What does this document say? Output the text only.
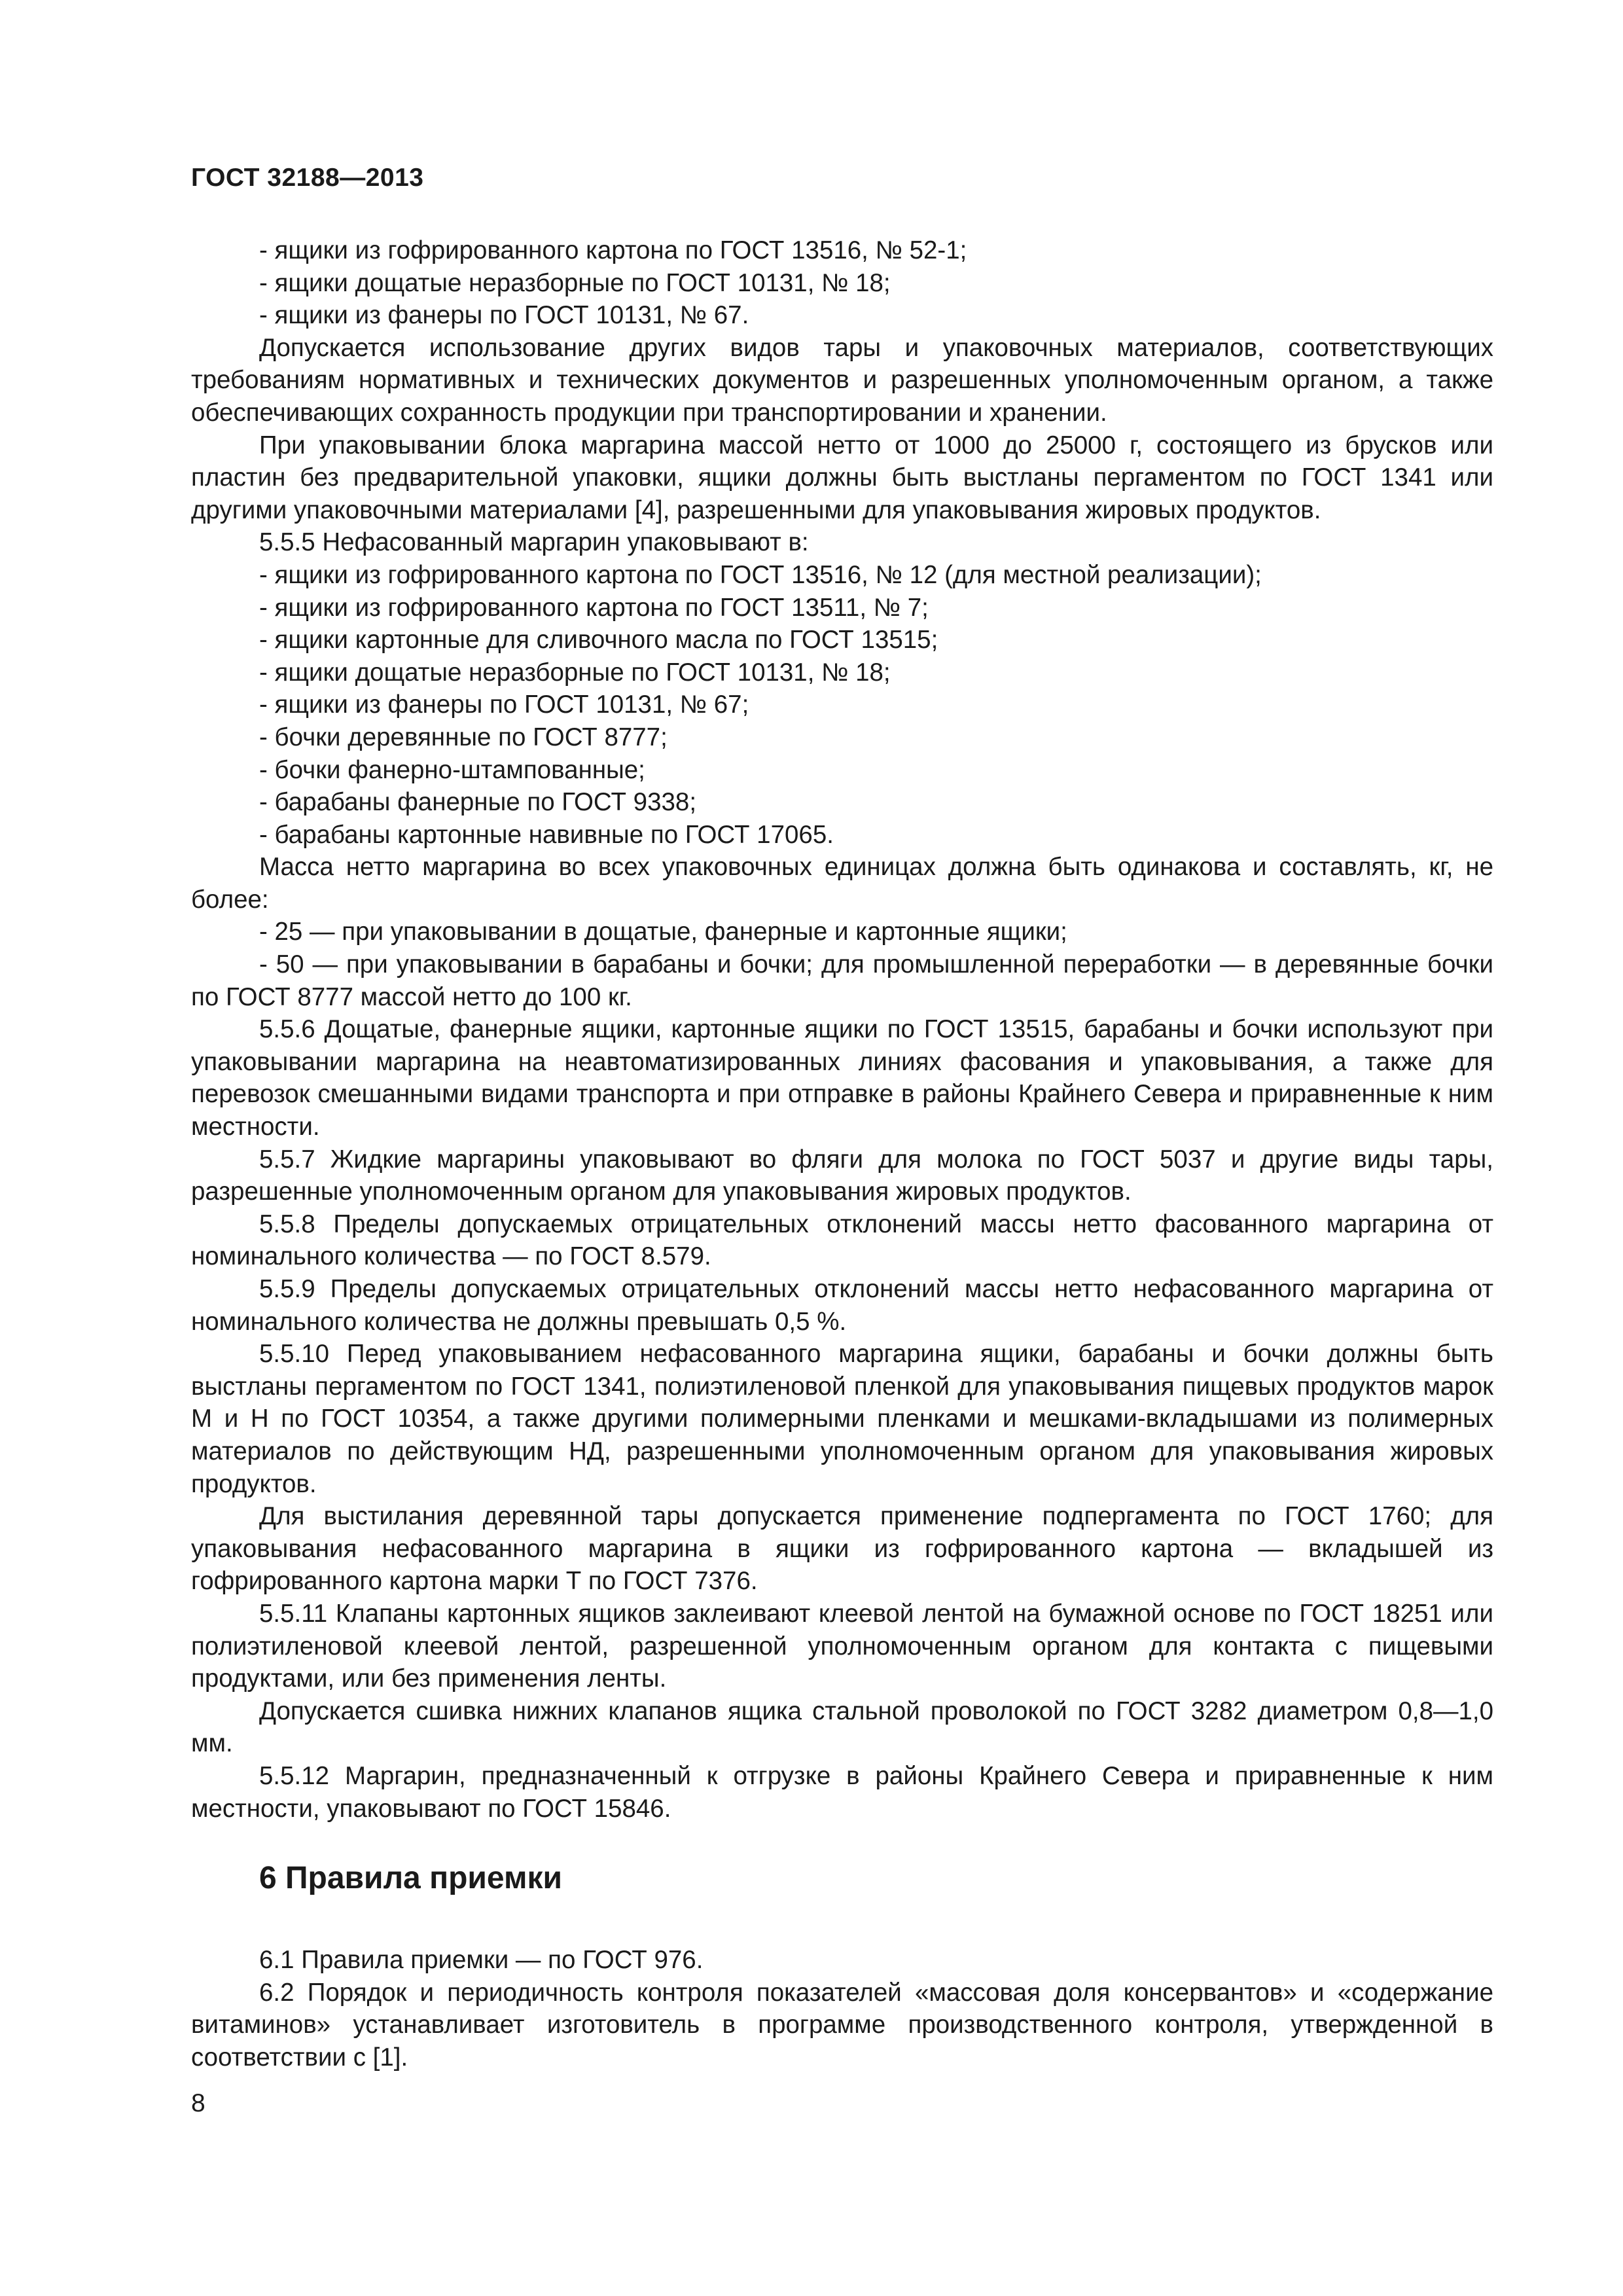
ГОСТ 32188—2013

- ящики из гофрированного картона по ГОСТ 13516, № 52-1;

- ящики дощатые неразборные по ГОСТ 10131, № 18;

- ящики из фанеры по ГОСТ 10131, № 67.

Допускается использование других видов тары и упаковочных материалов, соответствующих требованиям нормативных и технических документов и разрешенных уполномоченным органом, а также обеспечивающих сохранность продукции при транспортировании и хранении.

При упаковывании блока маргарина массой нетто от 1000 до 25000 г, состоящего из брусков или пластин без предварительной упаковки, ящики должны быть выстланы пергаментом по ГОСТ 1341 или другими упаковочными материалами [4], разрешенными для упаковывания жировых продуктов.

5.5.5 Нефасованный маргарин упаковывают в:

- ящики из гофрированного картона по ГОСТ 13516, № 12 (для местной реализации);

- ящики из гофрированного картона по ГОСТ 13511, № 7;

- ящики картонные для сливочного масла по ГОСТ 13515;

- ящики дощатые неразборные по ГОСТ 10131, № 18;

- ящики из фанеры по ГОСТ 10131, № 67;

- бочки деревянные по ГОСТ 8777;

- бочки фанерно-штампованные;

- барабаны фанерные по ГОСТ 9338;

- барабаны картонные навивные по ГОСТ 17065.

Масса нетто маргарина во всех упаковочных единицах должна быть одинакова и составлять, кг, не более:

- 25 — при упаковывании в дощатые, фанерные и картонные ящики;

- 50 — при упаковывании в барабаны и бочки; для промышленной переработки — в деревянные бочки по ГОСТ 8777 массой нетто до 100 кг.

5.5.6 Дощатые, фанерные ящики, картонные ящики по ГОСТ 13515, барабаны и бочки используют при упаковывании маргарина на неавтоматизированных линиях фасования и упаковывания, а также для перевозок смешанными видами транспорта и при отправке в районы Крайнего Севера и приравненные к ним местности.

5.5.7 Жидкие маргарины упаковывают во фляги для молока по ГОСТ 5037 и другие виды тары, разрешенные уполномоченным органом для упаковывания жировых продуктов.

5.5.8 Пределы допускаемых отрицательных отклонений массы нетто фасованного маргарина от номинального количества — по ГОСТ 8.579.

5.5.9 Пределы допускаемых отрицательных отклонений массы нетто нефасованного маргарина от номинального количества не должны превышать 0,5 %.

5.5.10 Перед упаковыванием нефасованного маргарина ящики, барабаны и бочки должны быть выстланы пергаментом по ГОСТ 1341, полиэтиленовой пленкой для упаковывания пищевых продуктов марок М и Н по ГОСТ 10354, а также другими полимерными пленками и мешками-вкладышами из полимерных материалов по действующим НД, разрешенными уполномоченным органом для упаковывания жировых продуктов.

Для выстилания деревянной тары допускается применение подпергамента по ГОСТ 1760; для упаковывания нефасованного маргарина в ящики из гофрированного картона — вкладышей из гофрированного картона марки Т по ГОСТ 7376.

5.5.11 Клапаны картонных ящиков заклеивают клеевой лентой на бумажной основе по ГОСТ 18251 или полиэтиленовой клеевой лентой, разрешенной уполномоченным органом для контакта с пищевыми продуктами, или без применения ленты.

Допускается сшивка нижних клапанов ящика стальной проволокой по ГОСТ 3282 диаметром 0,8—1,0 мм.

5.5.12 Маргарин, предназначенный к отгрузке в районы Крайнего Севера и приравненные к ним местности, упаковывают по ГОСТ 15846.

6 Правила приемки

6.1 Правила приемки — по ГОСТ 976.

6.2 Порядок и периодичность контроля показателей «массовая доля консервантов» и «содержание витаминов» устанавливает изготовитель в программе производственного контроля, утвержденной в соответствии с [1].

8
